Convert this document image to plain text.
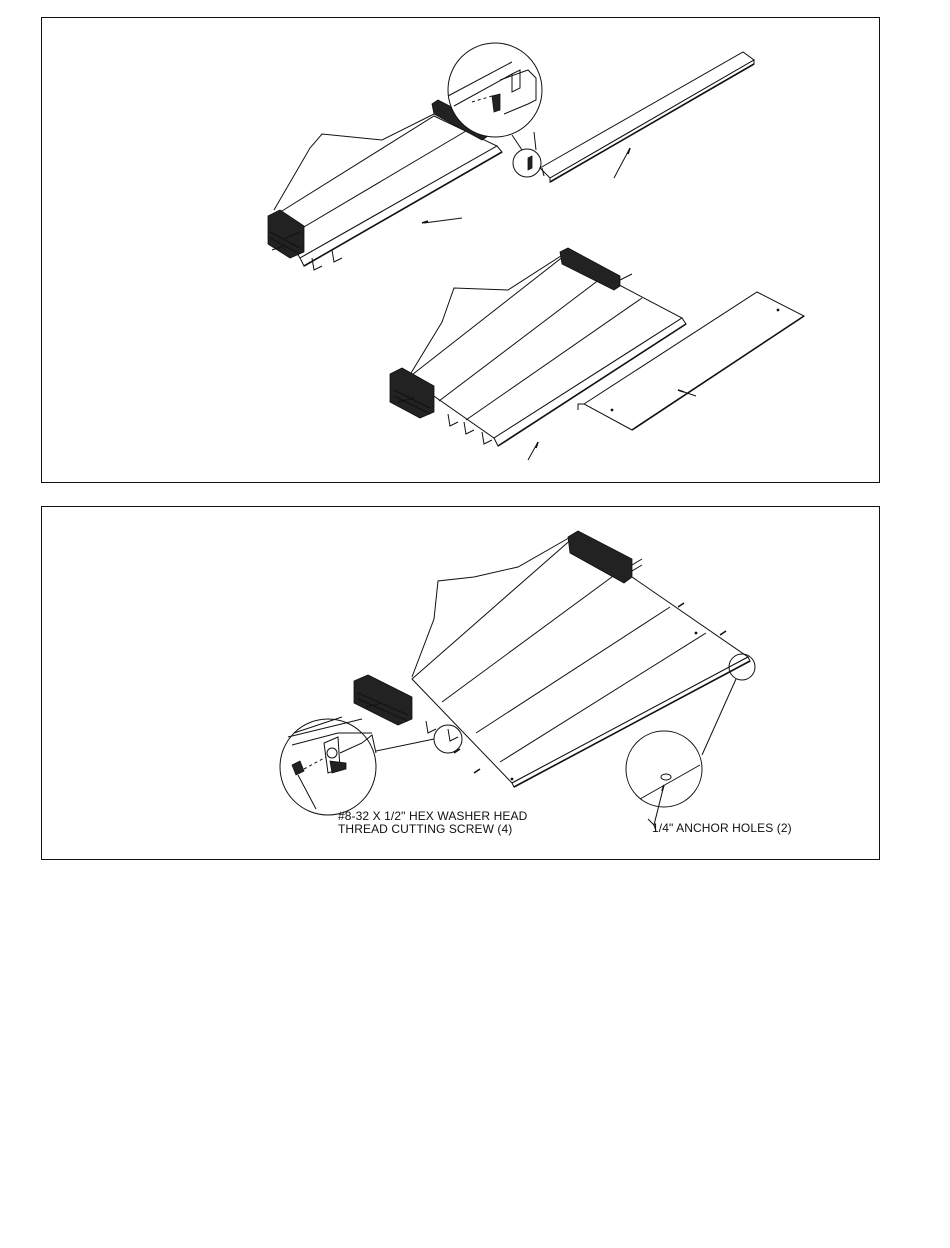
#8-32 X 1/2" HEX WASHER HEAD
THREAD CUTTING SCREW (4)	1/4" ANCHOR HOLES (2)
